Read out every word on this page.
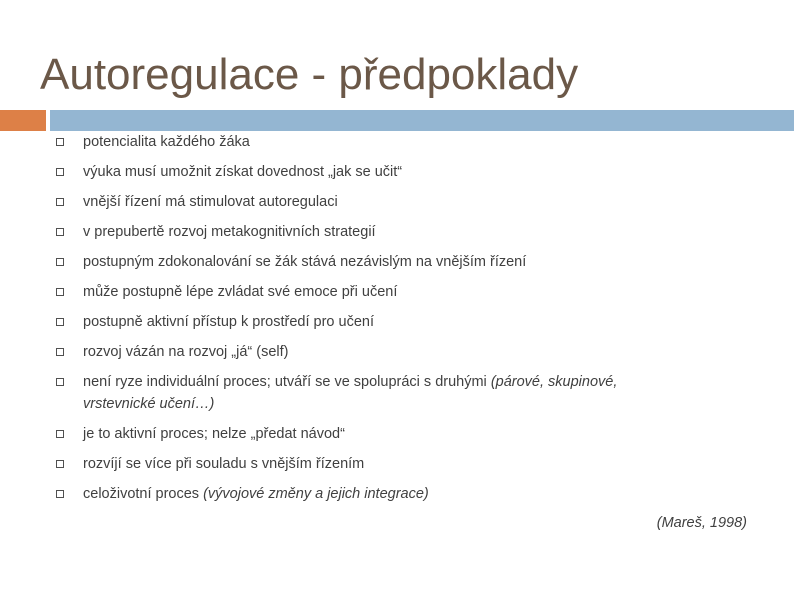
Autoregulace - předpoklady
potencialita každého žáka
výuka musí umožnit získat dovednost „jak se učit“
vnější řízení má stimulovat autoregulaci
v prepubertě rozvoj metakognitivních strategií
postupným zdokonalování se žák stává nezávislým na vnějším řízení
může postupně lépe zvládat své emoce při učení
postupně aktivní přístup k prostředí pro učení
rozvoj vázán na rozvoj „já“ (self)
není ryze individuální proces; utváří se ve spolupráci s druhými (párové, skupinové, vrstevnické učení…)
je to aktivní proces; nelze „předat návod“
rozvíjí se více při souladu s vnějším řízením
celoživotní proces (vývojové změny a jejich integrace)
(Mareš, 1998)
